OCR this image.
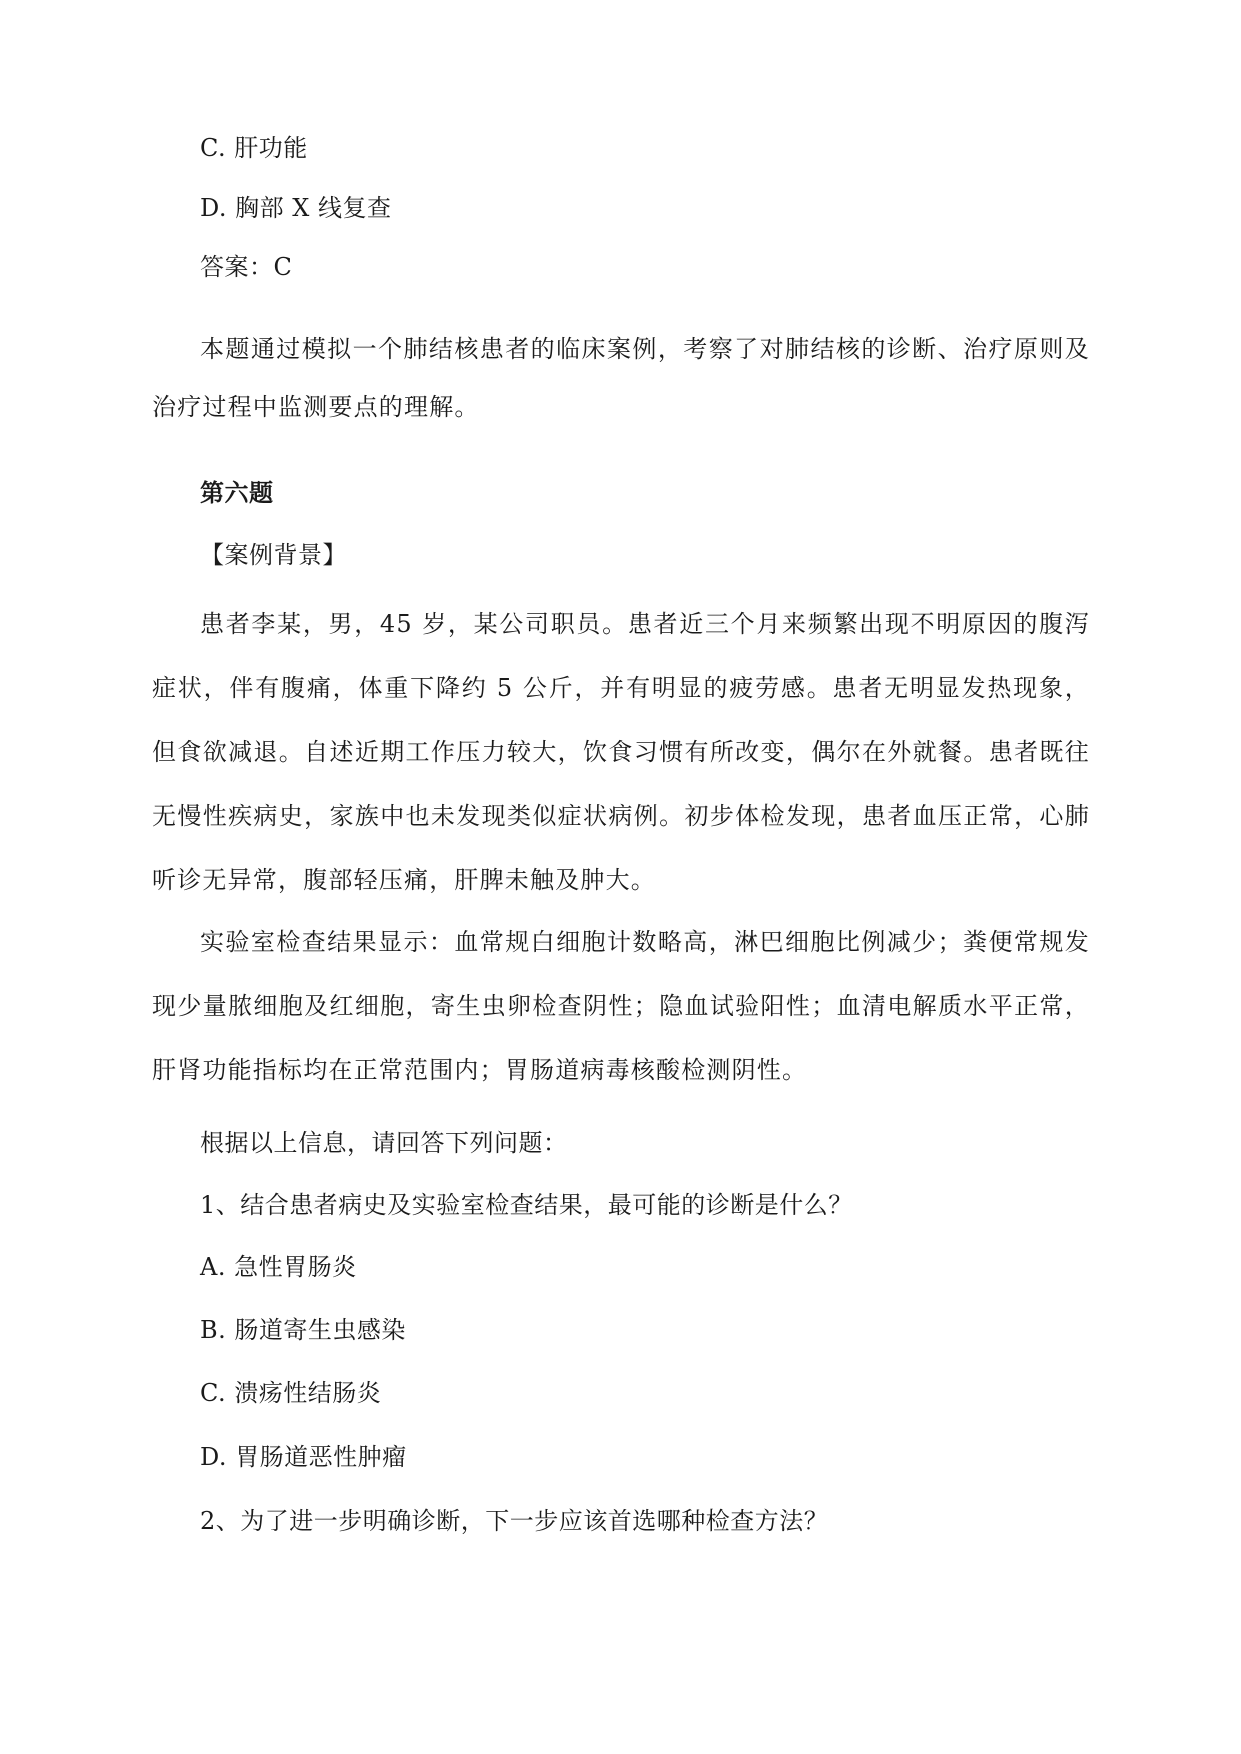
C. 肝功能
D. 胸部 X 线复查
答案：C
本题通过模拟一个肺结核患者的临床案例，考察了对肺结核的诊断、治疗原则及治疗过程中监测要点的理解。
第六题
【案例背景】
患者李某，男，45 岁，某公司职员。患者近三个月来频繁出现不明原因的腹泻症状，伴有腹痛，体重下降约 5 公斤，并有明显的疲劳感。患者无明显发热现象，但食欲减退。自述近期工作压力较大，饮食习惯有所改变，偶尔在外就餐。患者既往无慢性疾病史，家族中也未发现类似症状病例。初步体检发现，患者血压正常，心肺听诊无异常，腹部轻压痛，肝脾未触及肿大。
实验室检查结果显示：血常规白细胞计数略高，淋巴细胞比例减少；粪便常规发现少量脓细胞及红细胞，寄生虫卵检查阴性；隐血试验阳性；血清电解质水平正常，肝肾功能指标均在正常范围内；胃肠道病毒核酸检测阴性。
根据以上信息，请回答下列问题：
1、结合患者病史及实验室检查结果，最可能的诊断是什么？
A. 急性胃肠炎
B. 肠道寄生虫感染
C. 溃疡性结肠炎
D. 胃肠道恶性肿瘤
2、为了进一步明确诊断，下一步应该首选哪种检查方法？
